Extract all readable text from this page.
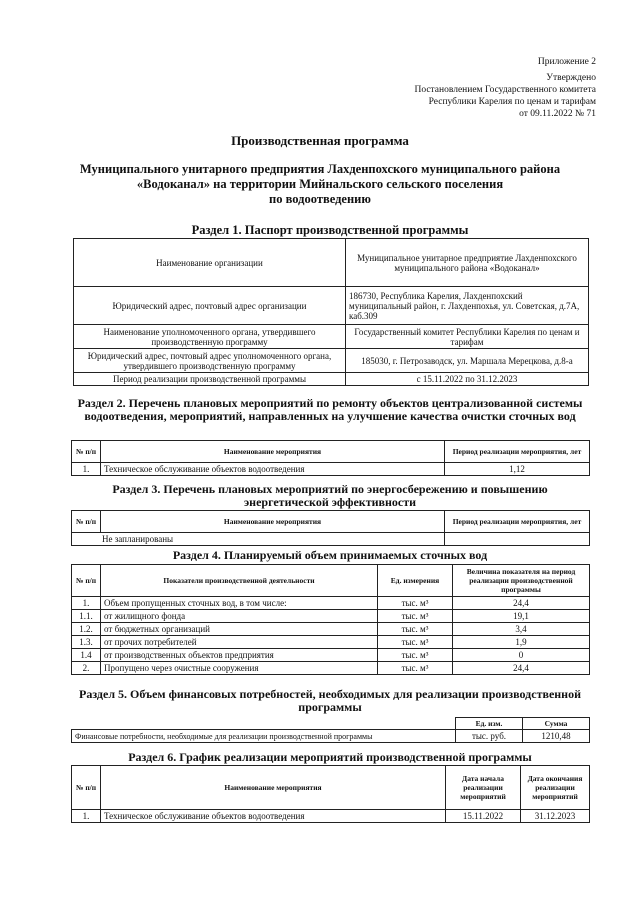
Приложение 2
Утверждено
Постановлением Государственного комитета
Республики Карелия по ценам и тарифам
от 09.11.2022 № 71
Производственная программа
Муниципального унитарного предприятия Лахденпохского муниципального района
«Водоканал» на территории Мийнальского сельского поселения
по водоотведению
Раздел 1. Паспорт производственной программы
Наименование организации	Муниципальное унитарное предприятие Лахденпохского муниципального района «Водоканал»
Юридический адрес, почтовый адрес организации	186730, Республика Карелия, Лахденпохский муниципальный район, г. Лахденпохья, ул. Советская, д.7А, каб.309
Наименование уполномоченного органа, утвердившего производственную программу	Государственный комитет Республики Карелия по ценам и тарифам
Юридический адрес, почтовый адрес уполномоченного органа, утвердившего производственную программу	185030, г. Петрозаводск, ул. Маршала Мерецкова, д.8-а
Период реализации производственной программы	с 15.11.2022 по 31.12.2023
Раздел 2. Перечень плановых мероприятий по ремонту объектов централизованной системы водоотведения, мероприятий, направленных на улучшение качества очистки сточных вод
№ п/п	Наименование мероприятия	Период реализации мероприятия, лет
1.	Техническое обслуживание объектов водоотведения	1,12
Раздел 3. Перечень плановых мероприятий по энергосбережению и повышению энергетической эффективности
№ п/п	Наименование мероприятия	Период реализации мероприятия, лет
Не запланированы		
Раздел 4. Планируемый объем принимаемых сточных вод
№ п/п	Показатели производственной деятельности	Ед. измерения	Величина показателя на период реализации производственной программы
1.	Объем пропущенных сточных вод, в том числе:	тыс. м³	24,4
1.1.	от жилищного фонда	тыс. м³	19,1
1.2.	от бюджетных организаций	тыс. м³	3,4
1.3.	от прочих потребителей	тыс. м³	1,9
1.4	от производственных объектов предприятия	тыс. м³	0
2.	Пропущено через очистные сооружения	тыс. м³	24,4
Раздел 5. Объем финансовых потребностей, необходимых для реализации производственной программы
	Ед. изм.	Сумма
Финансовые потребности, необходимые для реализации производственной программы	тыс. руб.	1210,48
Раздел 6. График реализации мероприятий производственной программы
№ п/п	Наименование мероприятия	Дата начала реализации мероприятий	Дата окончания реализации мероприятий
1.	Техническое обслуживание объектов водоотведения	15.11.2022	31.12.2023
